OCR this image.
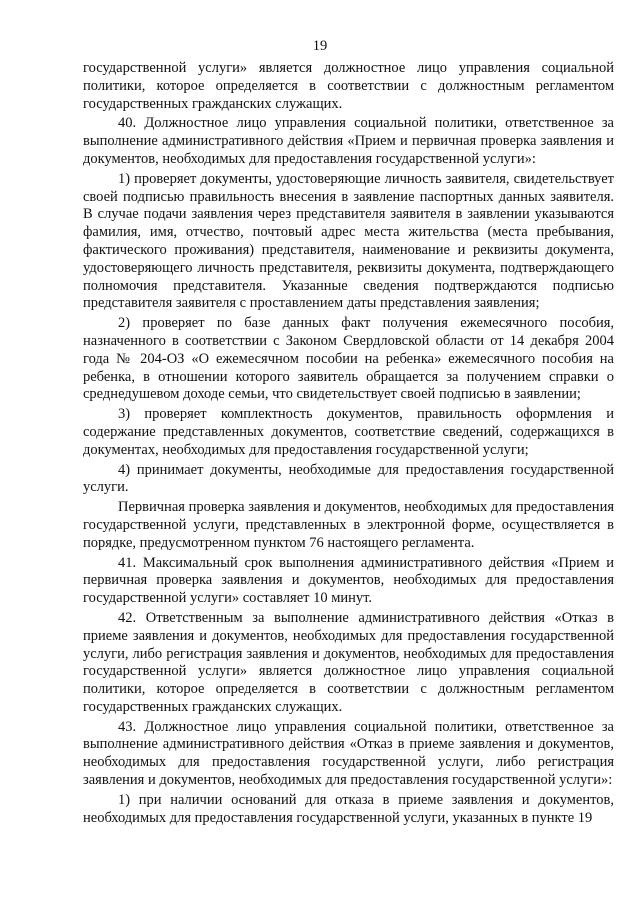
19

государственной услуги» является должностное лицо управления социальной политики, которое определяется в соответствии с должностным регламентом государственных гражданских служащих.

40. Должностное лицо управления социальной политики, ответственное за выполнение административного действия «Прием и первичная проверка заявления и документов, необходимых для предоставления государственной услуги»:

1) проверяет документы, удостоверяющие личность заявителя, свидетельствует своей подписью правильность внесения в заявление паспортных данных заявителя. В случае подачи заявления через представителя заявителя в заявлении указываются фамилия, имя, отчество, почтовый адрес места жительства (места пребывания, фактического проживания) представителя, наименование и реквизиты документа, удостоверяющего личность представителя, реквизиты документа, подтверждающего полномочия представителя. Указанные сведения подтверждаются подписью представителя заявителя с проставлением даты представления заявления;

2) проверяет по базе данных факт получения ежемесячного пособия, назначенного в соответствии с Законом Свердловской области от 14 декабря 2004 года № 204-ОЗ «О ежемесячном пособии на ребенка» ежемесячного пособия на ребенка, в отношении которого заявитель обращается за получением справки о среднедушевом доходе семьи, что свидетельствует своей подписью в заявлении;

3) проверяет комплектность документов, правильность оформления и содержание представленных документов, соответствие сведений, содержащихся в документах, необходимых для предоставления государственной услуги;

4) принимает документы, необходимые для предоставления государственной услуги.

Первичная проверка заявления и документов, необходимых для предоставления государственной услуги, представленных в электронной форме, осуществляется в порядке, предусмотренном пунктом 76 настоящего регламента.

41. Максимальный срок выполнения административного действия «Прием и первичная проверка заявления и документов, необходимых для предоставления государственной услуги» составляет 10 минут.

42. Ответственным за выполнение административного действия «Отказ в приеме заявления и документов, необходимых для предоставления государственной услуги, либо регистрация заявления и документов, необходимых для предоставления государственной услуги» является должностное лицо управления социальной политики, которое определяется в соответствии с должностным регламентом государственных гражданских служащих.

43. Должностное лицо управления социальной политики, ответственное за выполнение административного действия «Отказ в приеме заявления и документов, необходимых для предоставления государственной услуги, либо регистрация заявления и документов, необходимых для предоставления государственной услуги»:

1) при наличии оснований для отказа в приеме заявления и документов, необходимых для предоставления государственной услуги, указанных в пункте 19
